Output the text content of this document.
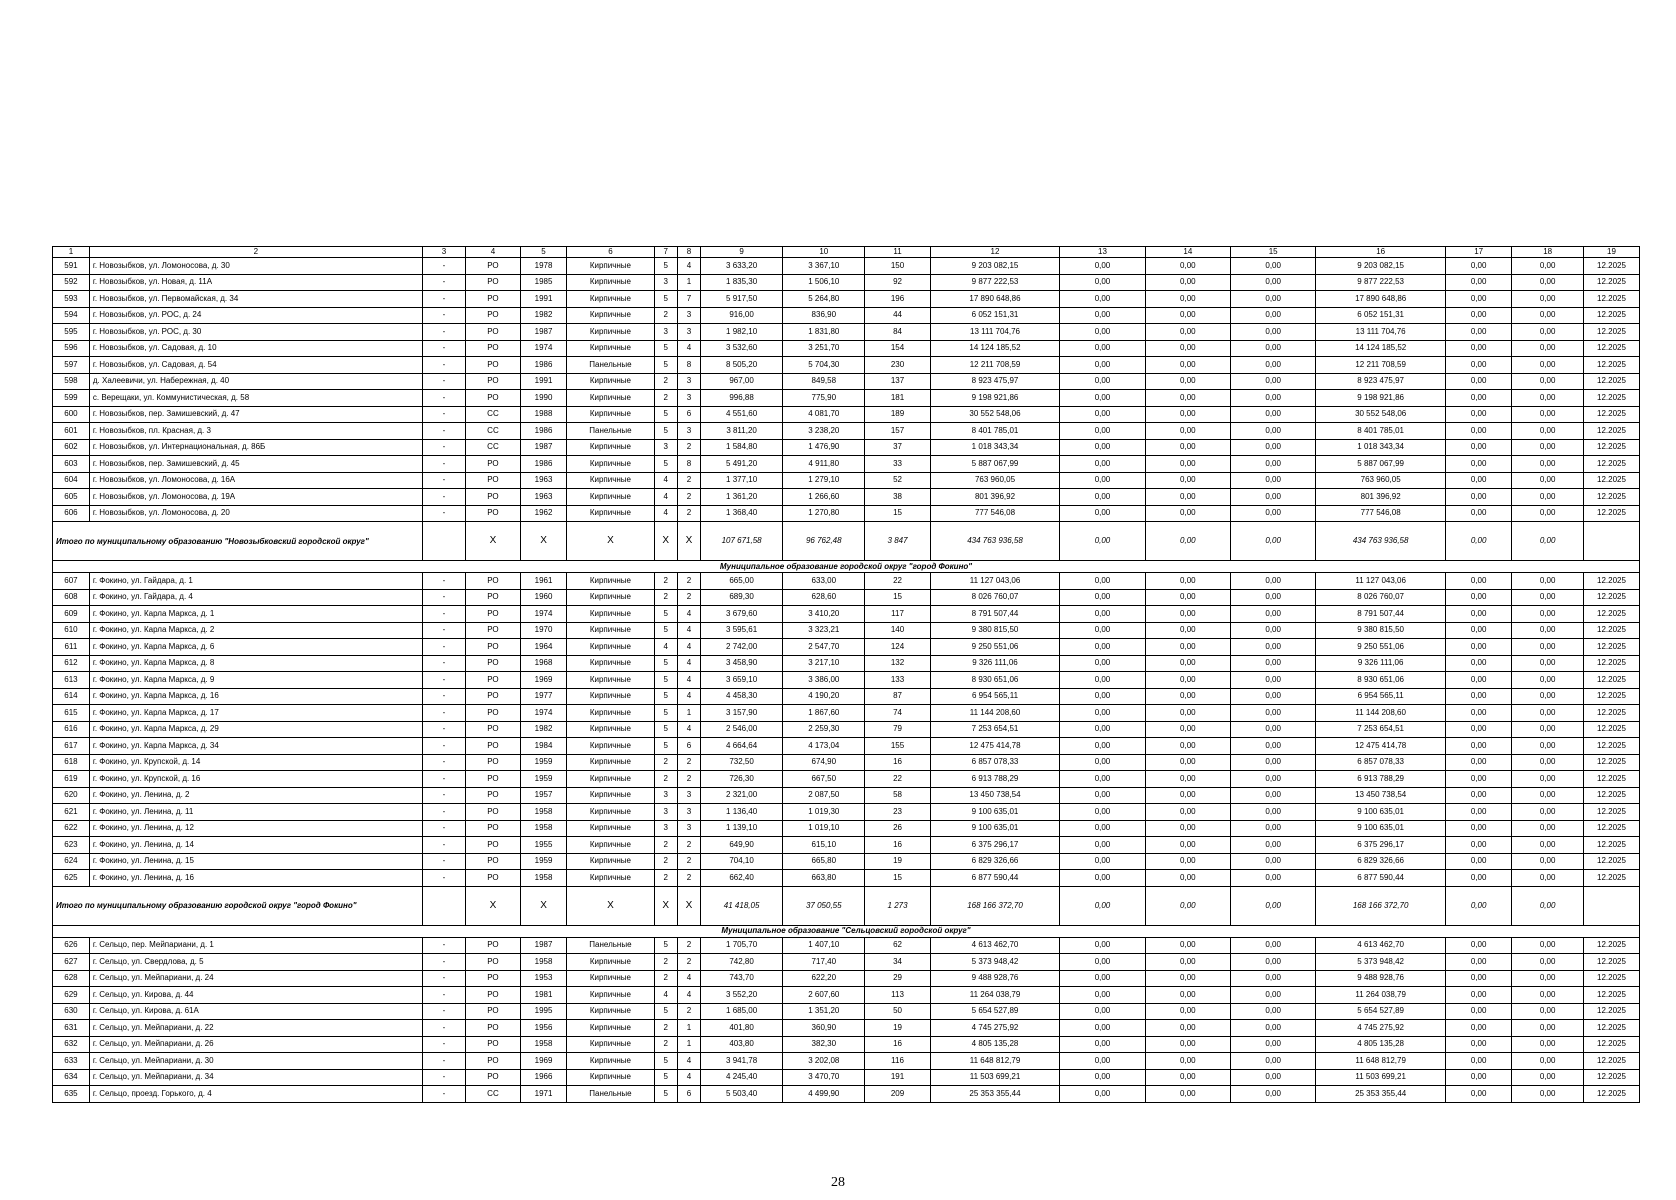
1	2	3	4	5	6	7	8	9	10	11	12	13	14	15	16	17	18	19
591	г. Новозыбков, ул. Ломоносова, д. 30	-	РО	1978	Кирпичные	5	4	3 633,20	3 367,10	150	9 203 082,15	0,00	0,00	0,00	9 203 082,15	0,00	0,00	12.2025
592	г. Новозыбков, ул. Новая, д. 11А	-	РО	1985	Кирпичные	3	1	1 835,30	1 506,10	92	9 877 222,53	0,00	0,00	0,00	9 877 222,53	0,00	0,00	12.2025
593	г. Новозыбков, ул. Первомайская, д. 34	-	РО	1991	Кирпичные	5	7	5 917,50	5 264,80	196	17 890 648,86	0,00	0,00	0,00	17 890 648,86	0,00	0,00	12.2025
594	г. Новозыбков, ул. РОС, д. 24	-	РО	1982	Кирпичные	2	3	916,00	836,90	44	6 052 151,31	0,00	0,00	0,00	6 052 151,31	0,00	0,00	12.2025
595	г. Новозыбков, ул. РОС, д. 30	-	РО	1987	Кирпичные	3	3	1 982,10	1 831,80	84	13 111 704,76	0,00	0,00	0,00	13 111 704,76	0,00	0,00	12.2025
596	г. Новозыбков, ул. Садовая, д. 10	-	РО	1974	Кирпичные	5	4	3 532,60	3 251,70	154	14 124 185,52	0,00	0,00	0,00	14 124 185,52	0,00	0,00	12.2025
597	г. Новозыбков, ул. Садовая, д. 54	-	РО	1986	Панельные	5	8	8 505,20	5 704,30	230	12 211 708,59	0,00	0,00	0,00	12 211 708,59	0,00	0,00	12.2025
598	д. Халеевичи, ул. Набережная, д. 40	-	РО	1991	Кирпичные	2	3	967,00	849,58	137	8 923 475,97	0,00	0,00	0,00	8 923 475,97	0,00	0,00	12.2025
599	с. Верещаки, ул. Коммунистическая, д. 58	-	РО	1990	Кирпичные	2	3	996,88	775,90	181	9 198 921,86	0,00	0,00	0,00	9 198 921,86	0,00	0,00	12.2025
600	г. Новозыбков, пер. Замишевский, д. 47	-	СС	1988	Кирпичные	5	6	4 551,60	4 081,70	189	30 552 548,06	0,00	0,00	0,00	30 552 548,06	0,00	0,00	12.2025
601	г. Новозыбков, пл. Красная, д. 3	-	СС	1986	Панельные	5	3	3 811,20	3 238,20	157	8 401 785,01	0,00	0,00	0,00	8 401 785,01	0,00	0,00	12.2025
602	г. Новозыбков, ул. Интернациональная, д. 86Б	-	СС	1987	Кирпичные	3	2	1 584,80	1 476,90	37	1 018 343,34	0,00	0,00	0,00	1 018 343,34	0,00	0,00	12.2025
603	г. Новозыбков, пер. Замишевский, д. 45	-	РО	1986	Кирпичные	5	8	5 491,20	4 911,80	33	5 887 067,99	0,00	0,00	0,00	5 887 067,99	0,00	0,00	12.2025
604	г. Новозыбков, ул. Ломоносова, д. 16А	-	РО	1963	Кирпичные	4	2	1 377,10	1 279,10	52	763 960,05	0,00	0,00	0,00	763 960,05	0,00	0,00	12.2025
605	г. Новозыбков, ул. Ломоносова, д. 19А	-	РО	1963	Кирпичные	4	2	1 361,20	1 266,60	38	801 396,92	0,00	0,00	0,00	801 396,92	0,00	0,00	12.2025
606	г. Новозыбков, ул. Ломоносова, д. 20	-	РО	1962	Кирпичные	4	2	1 368,40	1 270,80	15	777 546,08	0,00	0,00	0,00	777 546,08	0,00	0,00	12.2025
Итого по муниципальному образованию "Новозыбковский городской округ"			X	X	X	X	X	107 671,58	96 762,48	3 847	434 763 936,58	0,00	0,00	0,00	434 763 936,58	0,00	0,00	
Муниципальное образование городской округ "город Фокино"																		
607	г. Фокино, ул. Гайдара, д. 1	-	РО	1961	Кирпичные	2	2	665,00	633,00	22	11 127 043,06	0,00	0,00	0,00	11 127 043,06	0,00	0,00	12.2025
608	г. Фокино, ул. Гайдара, д. 4	-	РО	1960	Кирпичные	2	2	689,30	628,60	15	8 026 760,07	0,00	0,00	0,00	8 026 760,07	0,00	0,00	12.2025
609	г. Фокино, ул. Карла Маркса, д. 1	-	РО	1974	Кирпичные	5	4	3 679,60	3 410,20	117	8 791 507,44	0,00	0,00	0,00	8 791 507,44	0,00	0,00	12.2025
610	г. Фокино, ул. Карла Маркса, д. 2	-	РО	1970	Кирпичные	5	4	3 595,61	3 323,21	140	9 380 815,50	0,00	0,00	0,00	9 380 815,50	0,00	0,00	12.2025
611	г. Фокино, ул. Карла Маркса, д. 6	-	РО	1964	Кирпичные	4	4	2 742,00	2 547,70	124	9 250 551,06	0,00	0,00	0,00	9 250 551,06	0,00	0,00	12.2025
612	г. Фокино, ул. Карла Маркса, д. 8	-	РО	1968	Кирпичные	5	4	3 458,90	3 217,10	132	9 326 111,06	0,00	0,00	0,00	9 326 111,06	0,00	0,00	12.2025
613	г. Фокино, ул. Карла Маркса, д. 9	-	РО	1969	Кирпичные	5	4	3 659,10	3 386,00	133	8 930 651,06	0,00	0,00	0,00	8 930 651,06	0,00	0,00	12.2025
614	г. Фокино, ул. Карла Маркса, д. 16	-	РО	1977	Кирпичные	5	4	4 458,30	4 190,20	87	6 954 565,11	0,00	0,00	0,00	6 954 565,11	0,00	0,00	12.2025
615	г. Фокино, ул. Карла Маркса, д. 17	-	РО	1974	Кирпичные	5	1	3 157,90	1 867,60	74	11 144 208,60	0,00	0,00	0,00	11 144 208,60	0,00	0,00	12.2025
616	г. Фокино, ул. Карла Маркса, д. 29	-	РО	1982	Кирпичные	5	4	2 546,00	2 259,30	79	7 253 654,51	0,00	0,00	0,00	7 253 654,51	0,00	0,00	12.2025
617	г. Фокино, ул. Карла Маркса, д. 34	-	РО	1984	Кирпичные	5	6	4 664,64	4 173,04	155	12 475 414,78	0,00	0,00	0,00	12 475 414,78	0,00	0,00	12.2025
618	г. Фокино, ул. Крупской, д. 14	-	РО	1959	Кирпичные	2	2	732,50	674,90	16	6 857 078,33	0,00	0,00	0,00	6 857 078,33	0,00	0,00	12.2025
619	г. Фокино, ул. Крупской, д. 16	-	РО	1959	Кирпичные	2	2	726,30	667,50	22	6 913 788,29	0,00	0,00	0,00	6 913 788,29	0,00	0,00	12.2025
620	г. Фокино, ул. Ленина, д. 2	-	РО	1957	Кирпичные	3	3	2 321,00	2 087,50	58	13 450 738,54	0,00	0,00	0,00	13 450 738,54	0,00	0,00	12.2025
621	г. Фокино, ул. Ленина, д. 11	-	РО	1958	Кирпичные	3	3	1 136,40	1 019,30	23	9 100 635,01	0,00	0,00	0,00	9 100 635,01	0,00	0,00	12.2025
622	г. Фокино, ул. Ленина, д. 12	-	РО	1958	Кирпичные	3	3	1 139,10	1 019,10	26	9 100 635,01	0,00	0,00	0,00	9 100 635,01	0,00	0,00	12.2025
623	г. Фокино, ул. Ленина, д. 14	-	РО	1955	Кирпичные	2	2	649,90	615,10	16	6 375 296,17	0,00	0,00	0,00	6 375 296,17	0,00	0,00	12.2025
624	г. Фокино, ул. Ленина, д. 15	-	РО	1959	Кирпичные	2	2	704,10	665,80	19	6 829 326,66	0,00	0,00	0,00	6 829 326,66	0,00	0,00	12.2025
625	г. Фокино, ул. Ленина, д. 16	-	РО	1958	Кирпичные	2	2	662,40	663,80	15	6 877 590,44	0,00	0,00	0,00	6 877 590,44	0,00	0,00	12.2025
Итого по муниципальному образованию городской округ "город Фокино"			X	X	X	X	X	41 418,05	37 050,55	1 273	168 166 372,70	0,00	0,00	0,00	168 166 372,70	0,00	0,00	
Муниципальное образование "Сельцовский городской округ"																		
626	г. Сельцо, пер. Мейпариани, д. 1	-	РО	1987	Панельные	5	2	1 705,70	1 407,10	62	4 613 462,70	0,00	0,00	0,00	4 613 462,70	0,00	0,00	12.2025
627	г. Сельцо, ул. Свердлова, д. 5	-	РО	1958	Кирпичные	2	2	742,80	717,40	34	5 373 948,42	0,00	0,00	0,00	5 373 948,42	0,00	0,00	12.2025
628	г. Сельцо, ул. Мейпариани, д. 24	-	РО	1953	Кирпичные	2	4	743,70	622,20	29	9 488 928,76	0,00	0,00	0,00	9 488 928,76	0,00	0,00	12.2025
629	г. Сельцо, ул. Кирова, д. 44	-	РО	1981	Кирпичные	4	4	3 552,20	2 607,60	113	11 264 038,79	0,00	0,00	0,00	11 264 038,79	0,00	0,00	12.2025
630	г. Сельцо, ул. Кирова, д. 61А	-	РО	1995	Кирпичные	5	2	1 685,00	1 351,20	50	5 654 527,89	0,00	0,00	0,00	5 654 527,89	0,00	0,00	12.2025
631	г. Сельцо, ул. Мейпариани, д. 22	-	РО	1956	Кирпичные	2	1	401,80	360,90	19	4 745 275,92	0,00	0,00	0,00	4 745 275,92	0,00	0,00	12.2025
632	г. Сельцо, ул. Мейпариани, д. 26	-	РО	1958	Кирпичные	2	1	403,80	382,30	16	4 805 135,28	0,00	0,00	0,00	4 805 135,28	0,00	0,00	12.2025
633	г. Сельцо, ул. Мейпариани, д. 30	-	РО	1969	Кирпичные	5	4	3 941,78	3 202,08	116	11 648 812,79	0,00	0,00	0,00	11 648 812,79	0,00	0,00	12.2025
634	г. Сельцо, ул. Мейпариани, д. 34	-	РО	1966	Кирпичные	5	4	4 245,40	3 470,70	191	11 503 699,21	0,00	0,00	0,00	11 503 699,21	0,00	0,00	12.2025
635	г. Сельцо, проезд. Горького, д. 4	-	СС	1971	Панельные	5	6	5 503,40	4 499,90	209	25 353 355,44	0,00	0,00	0,00	25 353 355,44	0,00	0,00	12.2025
28
